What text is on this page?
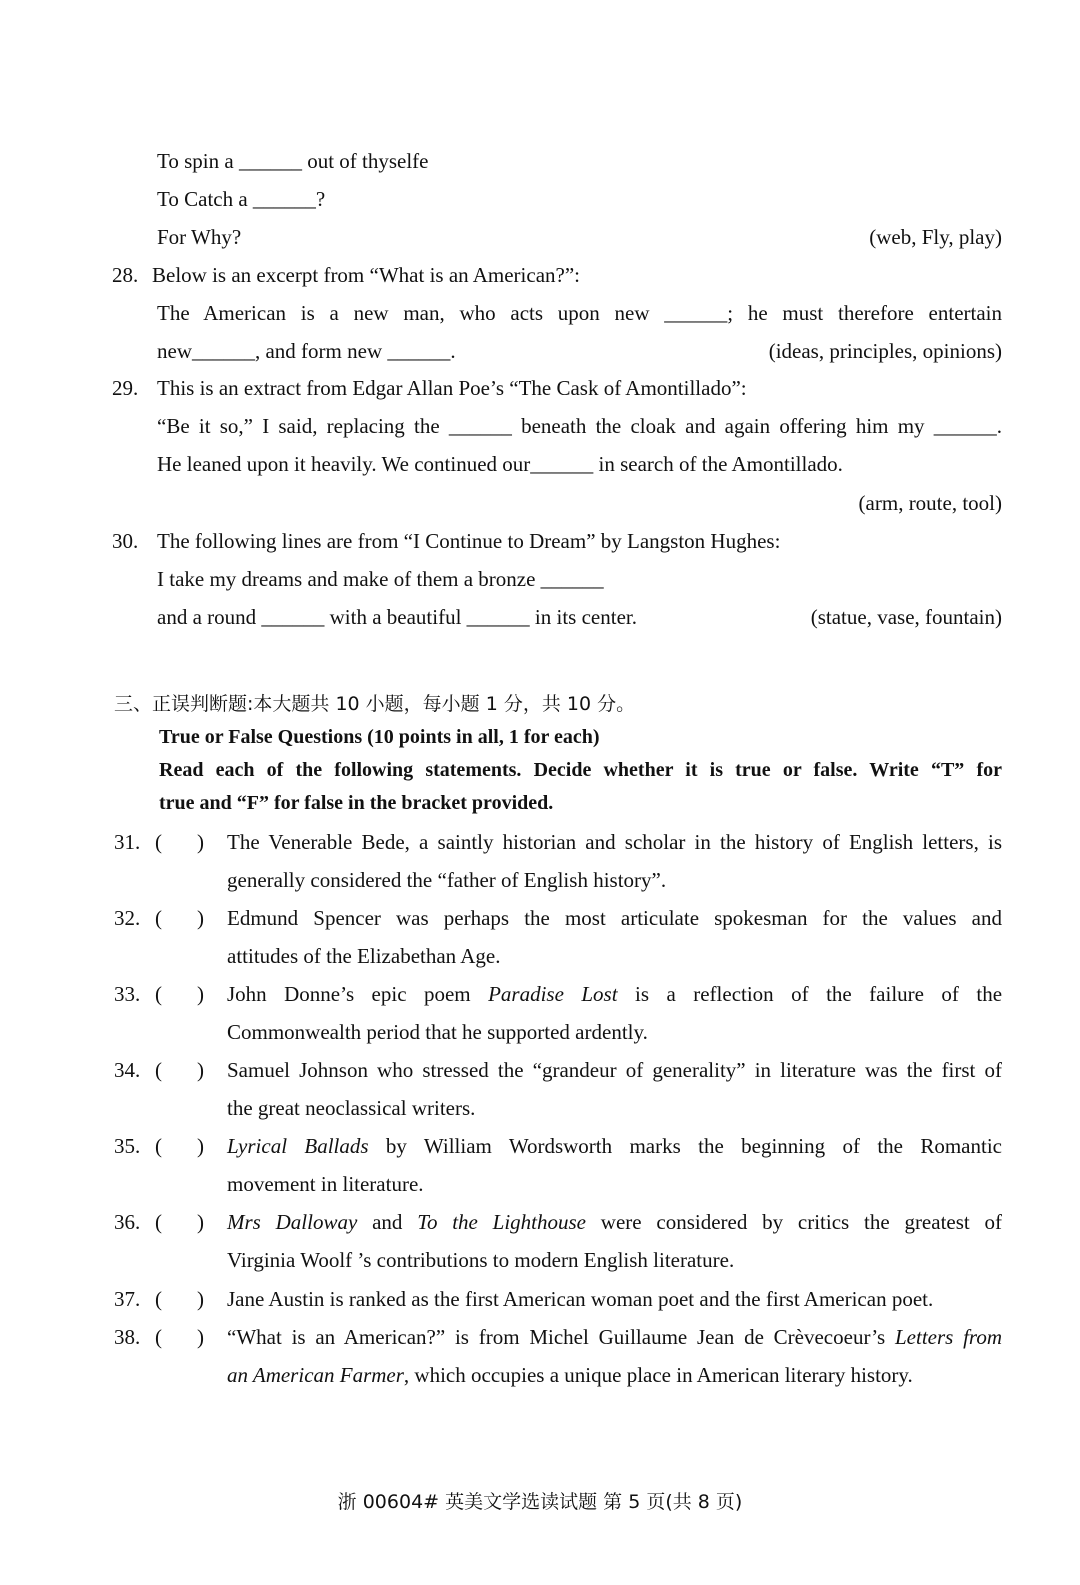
To spin a ______ out of thyselfe
To Catch a ______?
For Why?	(web, Fly, play)
28. Below is an excerpt from “What is an American?”:
The American is a new man, who acts upon new ______; he must therefore entertain
new______, and form new ______.	(ideas, principles, opinions)
29. This is an extract from Edgar Allan Poe’s “The Cask of Amontillado”:
“Be it so,” I said, replacing the ______ beneath the cloak and again offering him my ______.
He leaned upon it heavily. We continued our______ in search of the Amontillado.
(arm, route, tool)
30. The following lines are from “I Continue to Dream” by Langston Hughes:
I take my dreams and make of them a bronze ______
and a round ______ with a beautiful ______ in its center.	(statue, vase, fountain)
三、正误判断题:本大题共 10 小题，每小题 1 分，共 10 分。
True or False Questions (10 points in all, 1 for each)
Read each of the following statements. Decide whether it is true or false. Write “T” for
true and “F” for false in the bracket provided.
31. ( ) The Venerable Bede, a saintly historian and scholar in the history of English letters, is
generally considered the “father of English history”.
32. ( ) Edmund Spencer was perhaps the most articulate spokesman for the values and
attitudes of the Elizabethan Age.
33. ( ) John Donne’s epic poem Paradise Lost is a reflection of the failure of the
Commonwealth period that he supported ardently.
34. ( ) Samuel Johnson who stressed the “grandeur of generality” in literature was the first of
the great neoclassical writers.
35. ( ) Lyrical Ballads by William Wordsworth marks the beginning of the Romantic
movement in literature.
36. ( ) Mrs Dalloway and To the Lighthouse were considered by critics the greatest of
Virginia Woolf ’s contributions to modern English literature.
37. ( ) Jane Austin is ranked as the first American woman poet and the first American poet.
38. ( ) “What is an American?” is from Michel Guillaume Jean de Crèvecoeur’s Letters from
an American Farmer, which occupies a unique place in American literary history.
浙 00604# 英美文学选读试题 第 5 页(共 8 页)
